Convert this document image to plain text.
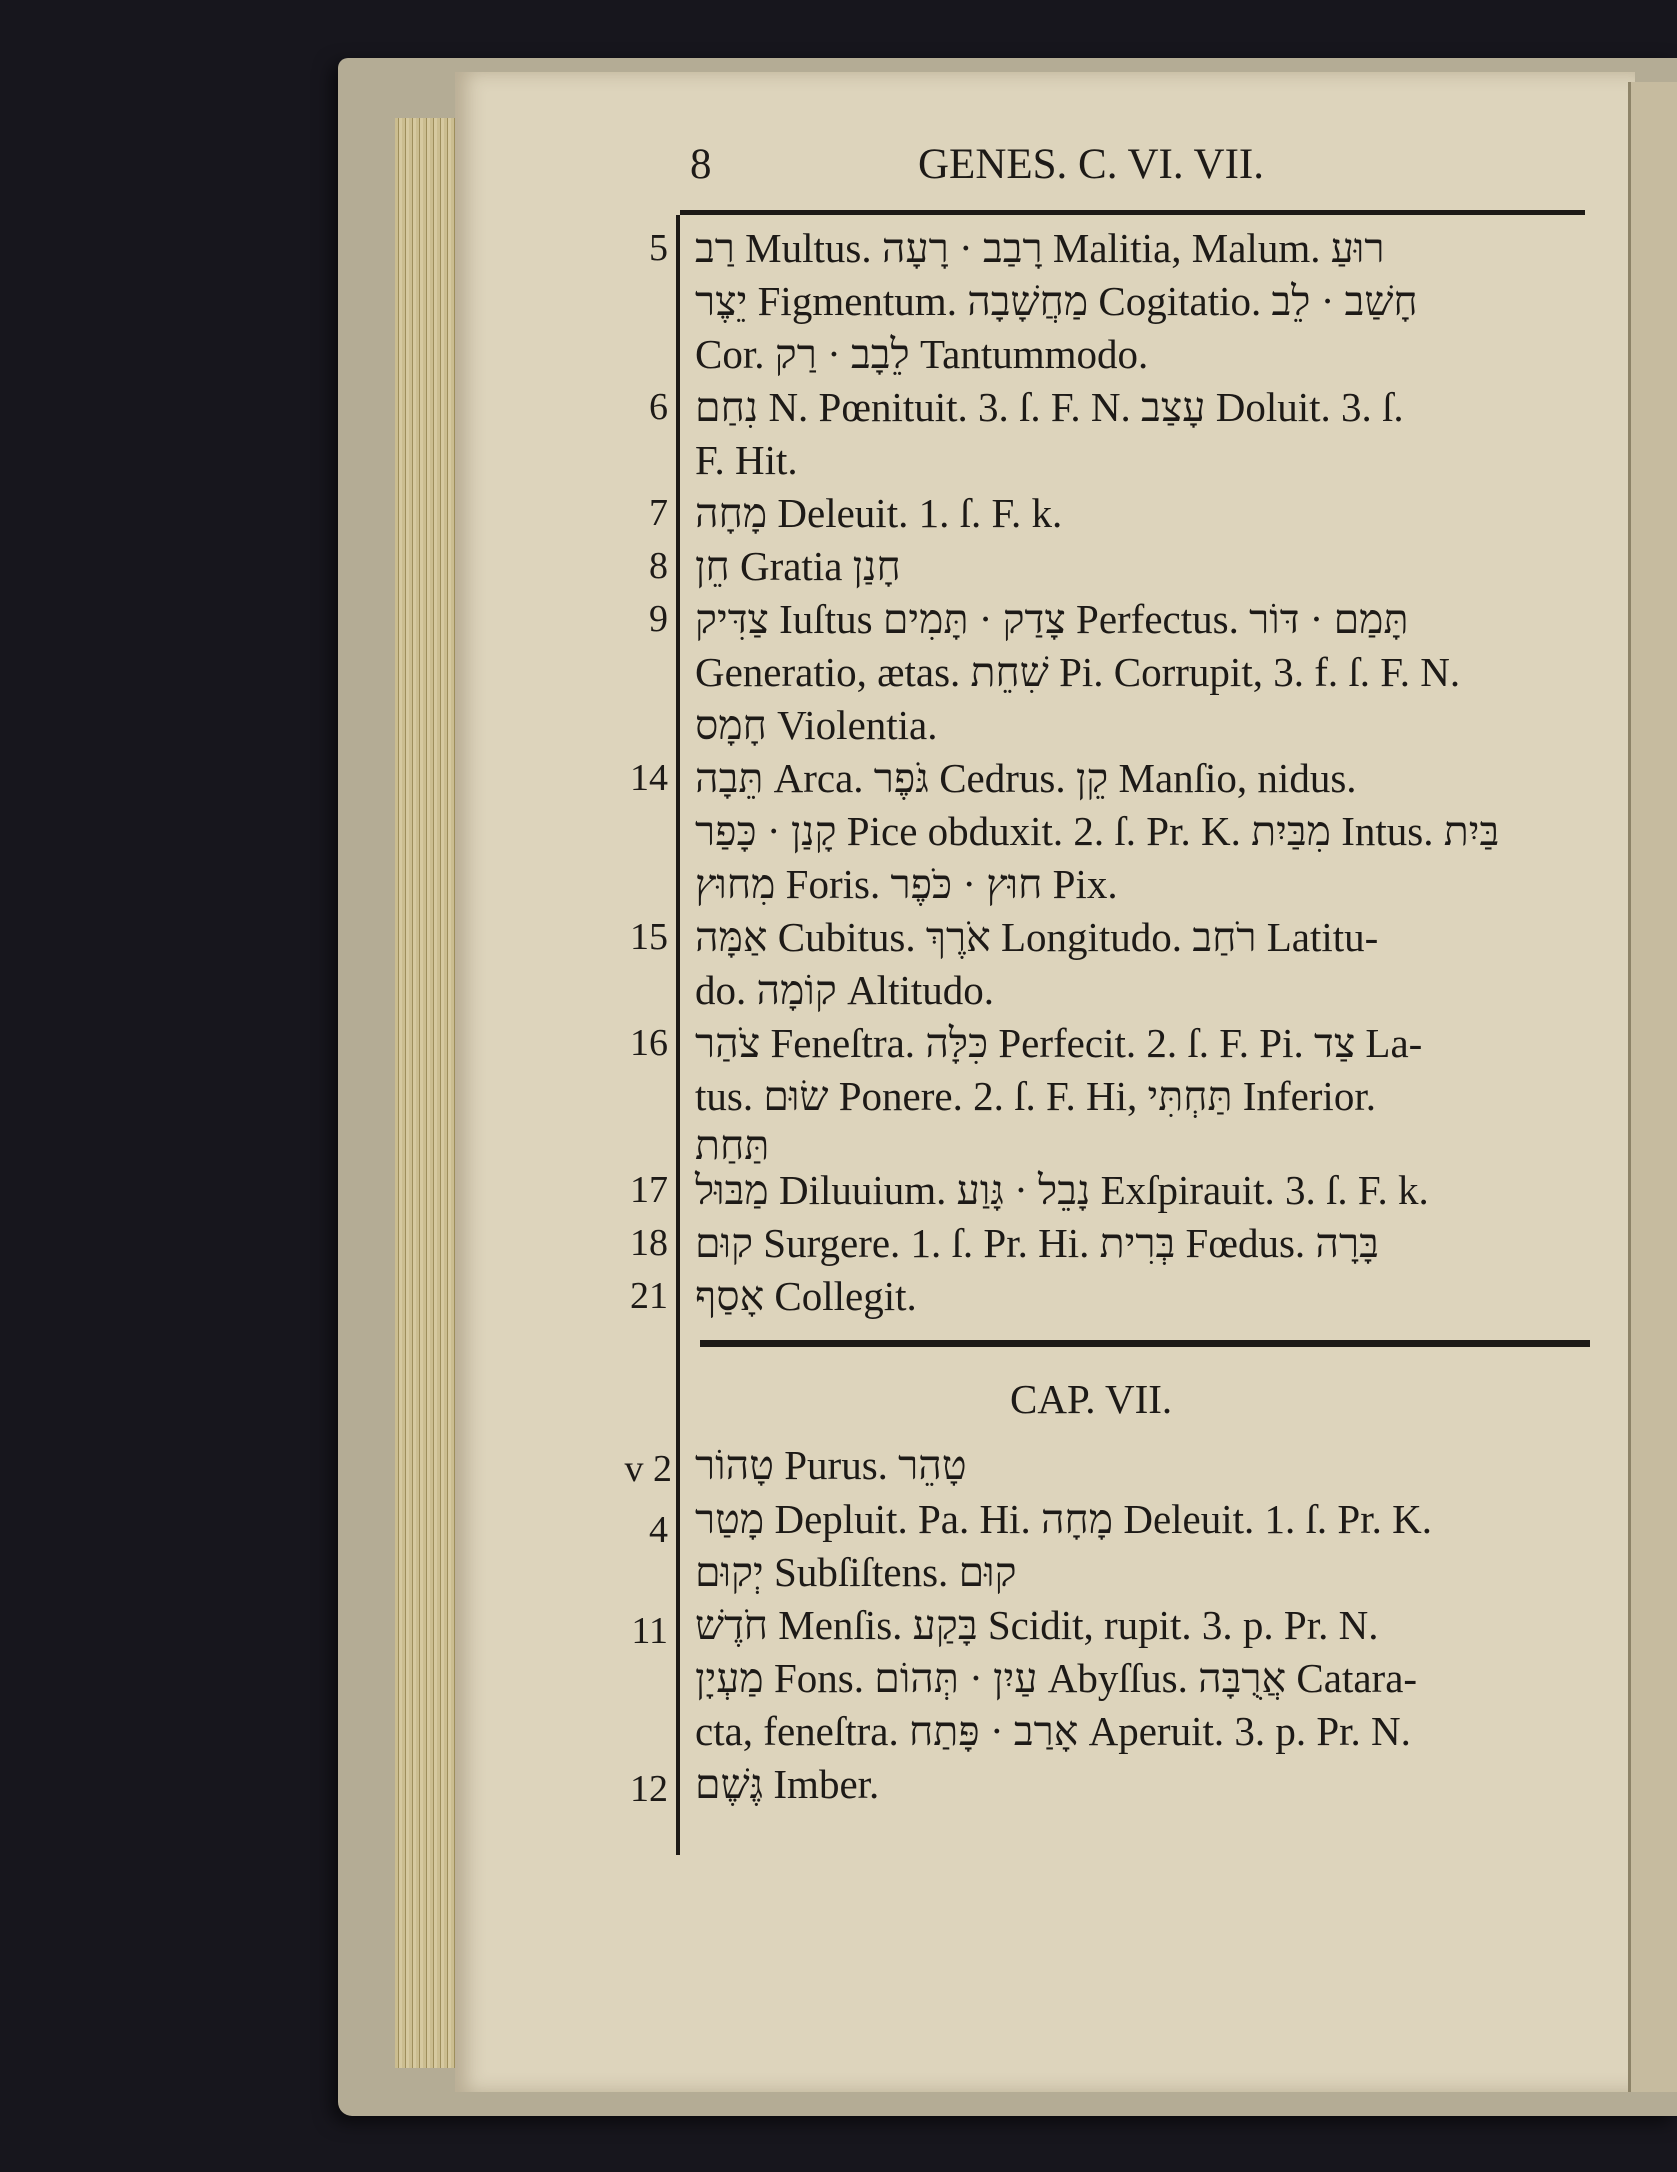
8	GENES. C. VI. VII.
CAP. VII.
5 רַב Multus. רָבַב · רָעָה Malitia, Malum. רוּעַ
יֵצֶר Figmentum. מַחֲשָׁבָה Cogitatio. חָשַׁב · לֵב
Cor. לֵבָב · רַק Tantummodo.
6 נִחַם N. Pœnituit. 3. ſ. F. N. עָצַב Doluit. 3. ſ.
F. Hit.
7 מָחָה Deleuit. 1. ſ. F. k.
8 חֵן Gratia חָנַן
9 צַדִּיק Iuſtus צָדַק · תָּמִים Perfectus. תָּמַם · דּוֹר
Generatio, ætas. שִׁחֵת Pi. Corrupit, 3. f. ſ. F. N.
חָמָס Violentia.
14 תֵּבָה Arca. גֹּפֶר Cedrus. קֵן Manſio, nidus.
קָנַן · כָּפַר Pice obduxit. 2. ſ. Pr. K. מִבַּיִת Intus. בַּיִת
מִחוּץ Foris. חוּץ · כֹּפֶר Pix.
15 אַמָּה Cubitus. אֹרֶךְ Longitudo. רֹחַב Latitu-
do. קוֹמָה Altitudo.
16 צֹהַר Feneſtra. כִּלָּה Perfecit. 2. ſ. F. Pi. צַד La-
tus. שׂוּם Ponere. 2. ſ. F. Hi, תַּחְתִּי Inferior.
תַּחַת
17 מַבּוּל Diluuium. נָבֵל · גָּוַע Exſpirauit. 3. ſ. F. k.
18 קוּם Surgere. 1. ſ. Pr. Hi. בְּרִית Fœdus. בָּרָה
21 אָסַף Collegit.
v 2 טָהוֹר Purus. טָהֵר
4 מָטַר Depluit. Pa. Hi. מָחָה Deleuit. 1. ſ. Pr. K.
יְקוּם Subſiſtens. קוּם
11 חֹדֶשׁ Menſis. בָּקַע Scidit, rupit. 3. p. Pr. N.
מַעְיָן Fons. עַיִן · תְּהוֹם Abyſſus. אֲרֻבָּה Catara-
cta, feneſtra. אָרַב · פָּתַח Aperuit. 3. p. Pr. N.
12 גֶּשֶׁם Imber.
